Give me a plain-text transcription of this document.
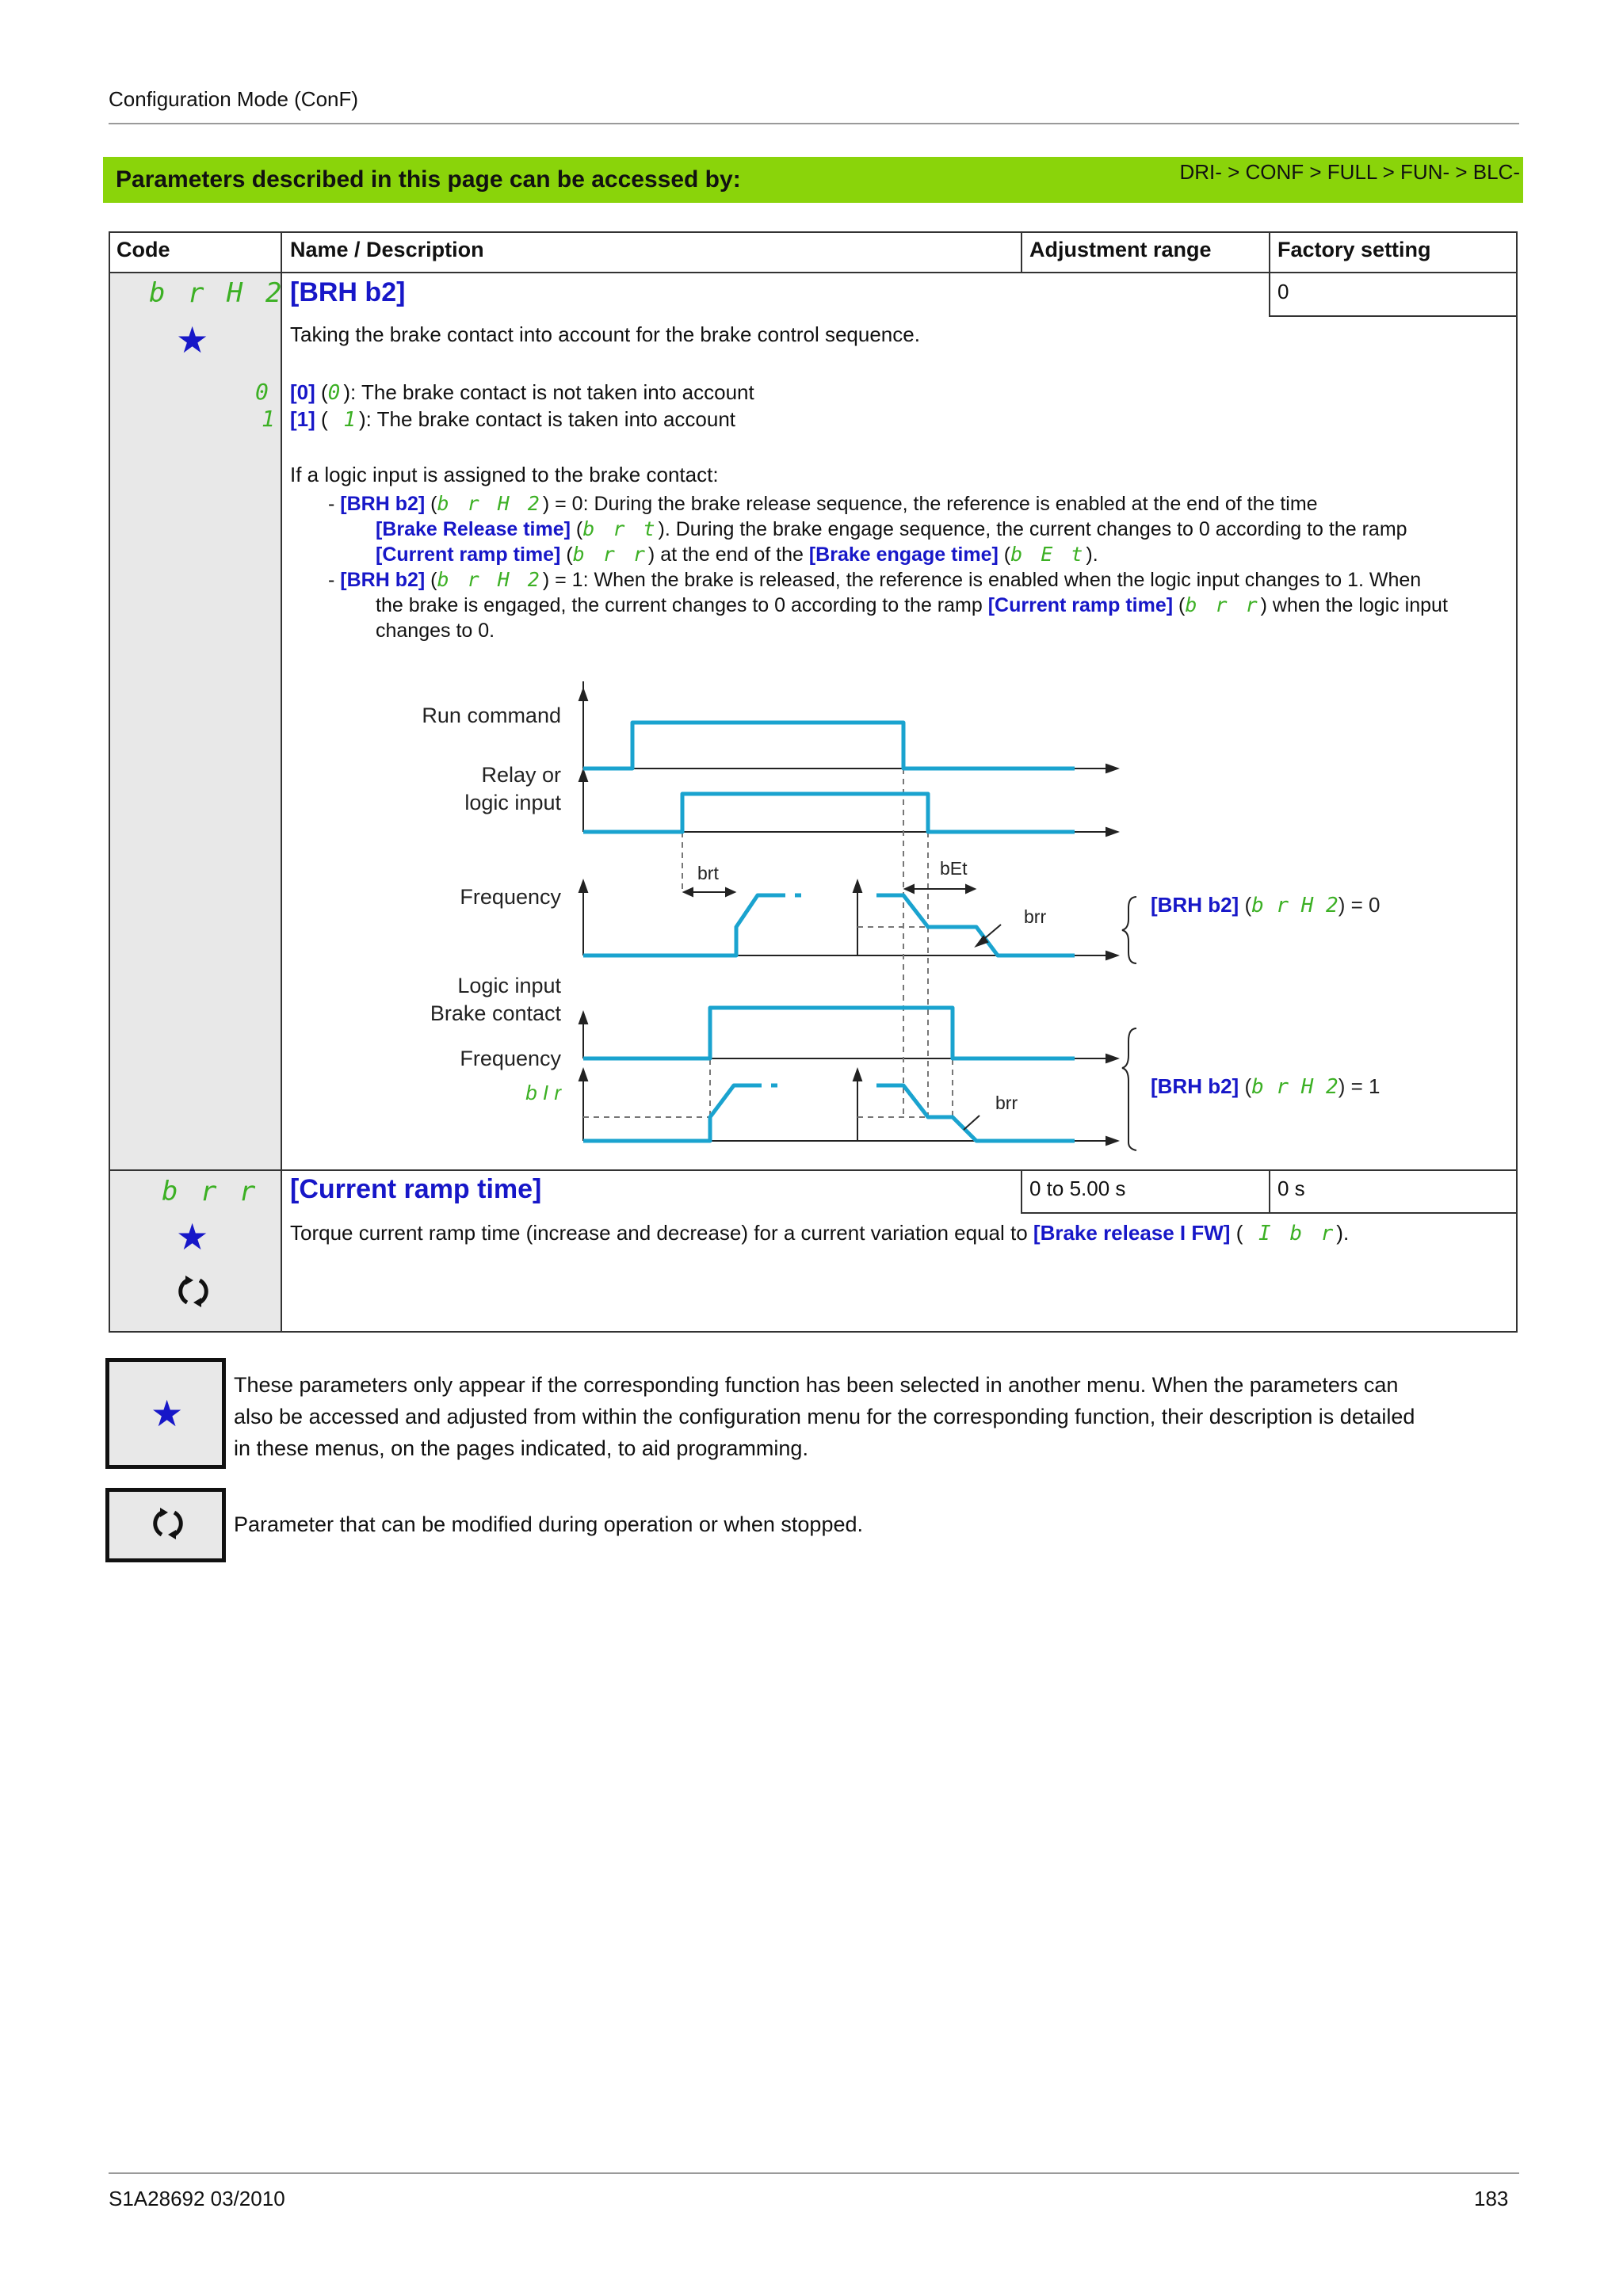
Configuration Mode (ConF)
Parameters described in this page can be accessed by:	DRI- > CONF > FULL > FUN- > BLC-
Code	Name / Description	Adjustment range	Factory setting
b r H 2
★
[BRH b2]	0
Taking the brake contact into account for the brake control sequence.
0
1
[0] (0): The brake contact is not taken into account
[1] ( 1): The brake contact is taken into account
If a logic input is assigned to the brake contact:
- [BRH b2] (b r H 2) = 0: During the brake release sequence, the reference is enabled at the end of the time
[Brake Release time] (b r t). During the brake engage sequence, the current changes to 0 according to the ramp
[Current ramp time] (b r r) at the end of the [Brake engage time] (b E t).
- [BRH b2] (b r H 2) = 1: When the brake is released, the reference is enabled when the logic input changes to 1. When
the brake is engaged, the current changes to 0 according to the ramp [Current ramp time] (b r r) when the logic input
changes to 0.
Run command
Relay or
logic input
Frequency
Logic input
Brake contact
Frequency
b I r
brt	bEt
brr
brr
[BRH b2] (b r H 2) = 0
[BRH b2] (b r H 2) = 1
b r r
★
[Current ramp time]	0 to 5.00 s	0 s
Torque current ramp time (increase and decrease) for a current variation equal to [Brake release I FW] ( I b r).
★
These parameters only appear if the corresponding function has been selected in another menu. When the parameters can
also be accessed and adjusted from within the configuration menu for the corresponding function, their description is detailed
in these menus, on the pages indicated, to aid programming.
Parameter that can be modified during operation or when stopped.
S1A28692 03/2010	183
